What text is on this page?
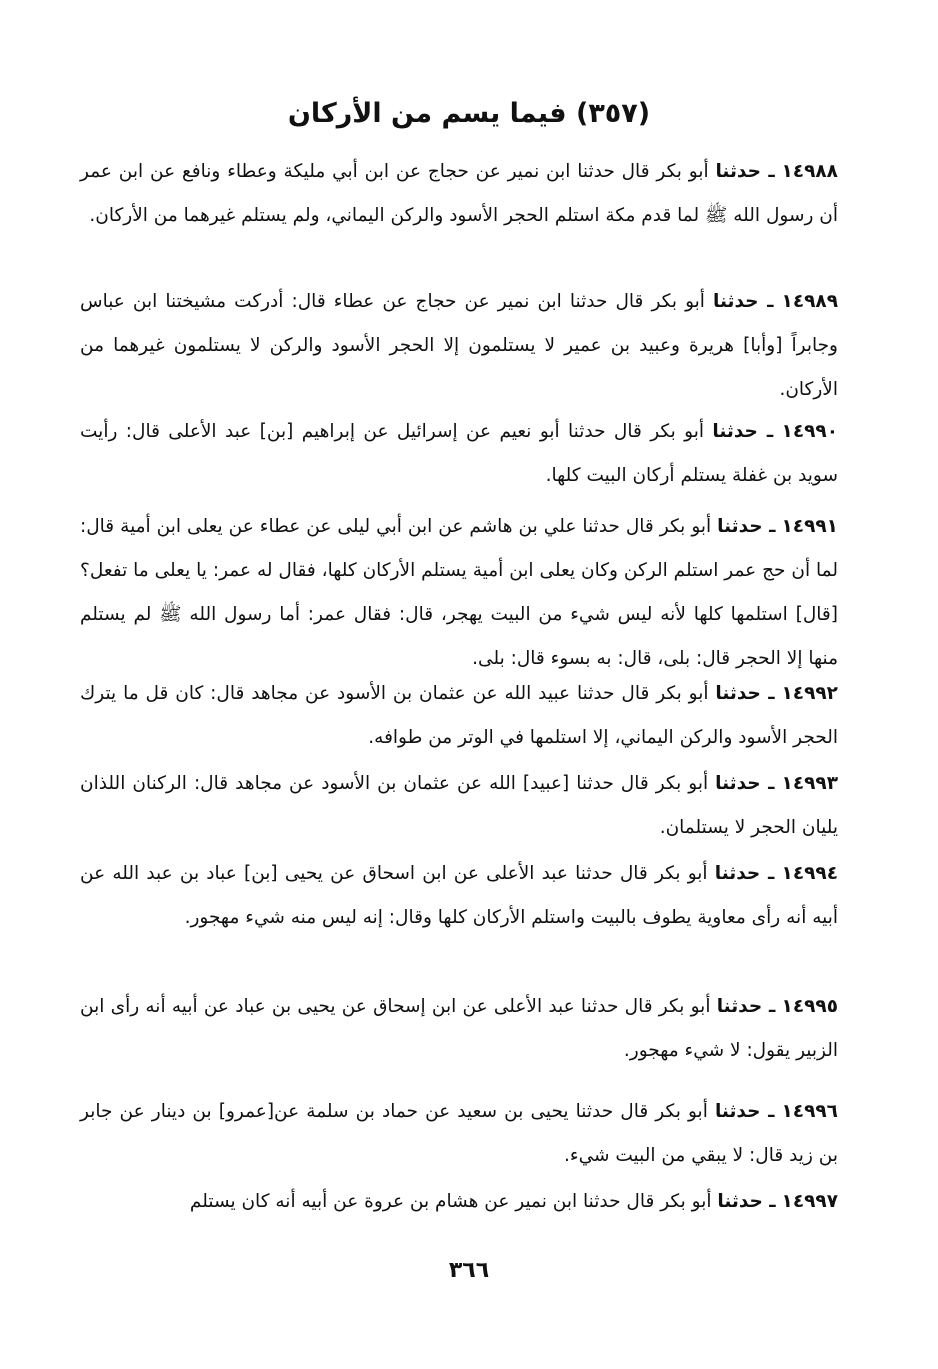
(٣٥٧) فيما يسم من الأركان

١٤٩٨٨ ـ حدثنا أبو بكر قال حدثنا ابن نمير عن حجاج عن ابن أبي مليكة وعطاء ونافع عن ابن عمر أن رسول الله ﷺ لما قدم مكة استلم الحجر الأسود والركن اليماني، ولم يستلم غيرهما من الأركان.

١٤٩٨٩ ـ حدثنا أبو بكر قال حدثنا ابن نمير عن حجاج عن عطاء قال: أدركت مشيختنا ابن عباس وجابراً [وأبا] هريرة وعبيد بن عمير لا يستلمون إلا الحجر الأسود والركن لا يستلمون غيرهما من الأركان.

١٤٩٩٠ ـ حدثنا أبو بكر قال حدثنا أبو نعيم عن إسرائيل عن إبراهيم [بن] عبد الأعلى قال: رأيت سويد بن غفلة يستلم أركان البيت كلها.

١٤٩٩١ ـ حدثنا أبو بكر قال حدثنا علي بن هاشم عن ابن أبي ليلى عن عطاء عن يعلى ابن أمية قال: لما أن حج عمر استلم الركن وكان يعلى ابن أمية يستلم الأركان كلها، فقال له عمر: يا يعلى ما تفعل؟ [قال] استلمها كلها لأنه ليس شيء من البيت يهجر، قال: فقال عمر: أما رسول الله ﷺ لم يستلم منها إلا الحجر قال: بلى، قال: به بسوء قال: بلى.

١٤٩٩٢ ـ حدثنا أبو بكر قال حدثنا عبيد الله عن عثمان بن الأسود عن مجاهد قال: كان قل ما يترك الحجر الأسود والركن اليماني، إلا استلمها في الوتر من طوافه.

١٤٩٩٣ ـ حدثنا أبو بكر قال حدثنا [عبيد] الله عن عثمان بن الأسود عن مجاهد قال: الركنان اللذان يليان الحجر لا يستلمان.

١٤٩٩٤ ـ حدثنا أبو بكر قال حدثنا عبد الأعلى عن ابن اسحاق عن يحيى [بن] عباد بن عبد الله عن أبيه أنه رأى معاوية يطوف بالبيت واستلم الأركان كلها وقال: إنه ليس منه شيء مهجور.

١٤٩٩٥ ـ حدثنا أبو بكر قال حدثنا عبد الأعلى عن ابن إسحاق عن يحيى بن عباد عن أبيه أنه رأى ابن الزبير يقول: لا شيء مهجور.

١٤٩٩٦ ـ حدثنا أبو بكر قال حدثنا يحيى بن سعيد عن حماد بن سلمة عن[عمرو] بن دينار عن جابر بن زيد قال: لا يبقي من البيت شيء.

١٤٩٩٧ ـ حدثنا أبو بكر قال حدثنا ابن نمير عن هشام بن عروة عن أبيه أنه كان يستلم

٣٦٦
